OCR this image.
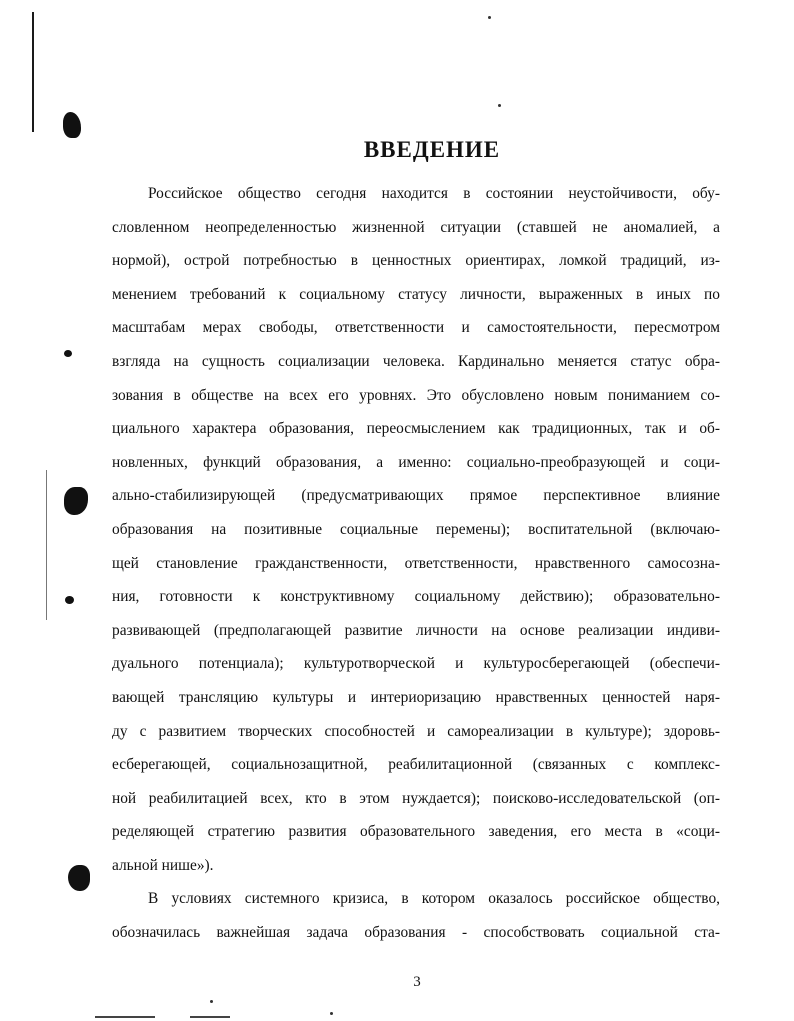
ВВЕДЕНИЕ
Российское общество сегодня находится в состоянии неустойчивости, обу-
словленном неопределенностью жизненной ситуации (ставшей не аномалией, а
нормой), острой потребностью в ценностных ориентирах, ломкой традиций, из-
менением требований к социальному статусу личности, выраженных в иных по
масштабам мерах свободы, ответственности и самостоятельности, пересмотром
взгляда на сущность социализации человека. Кардинально меняется статус обра-
зования в обществе на всех его уровнях. Это обусловлено новым пониманием со-
циального характера образования, переосмыслением как традиционных, так и об-
новленных, функций образования, а именно: социально-преобразующей и соци-
ально-стабилизирующей (предусматривающих прямое перспективное влияние
образования на позитивные социальные перемены); воспитательной (включаю-
щей становление гражданственности, ответственности, нравственного самосозна-
ния, готовности к конструктивному социальному действию); образовательно-
развивающей (предполагающей развитие личности на основе реализации индиви-
дуального потенциала); культуротворческой и культуросберегающей (обеспечи-
вающей трансляцию культуры и интериоризацию нравственных ценностей наря-
ду с развитием творческих способностей и самореализации в культуре); здоровь-
есберегающей, социальнозащитной, реабилитационной (связанных с комплекс-
ной реабилитацией всех, кто в этом нуждается); поисково-исследовательской (оп-
ределяющей стратегию развития образовательного заведения, его места в «соци-
альной нише»).
В условиях системного кризиса, в котором оказалось российское общество,
обозначилась важнейшая задача образования - способствовать социальной ста-
3
